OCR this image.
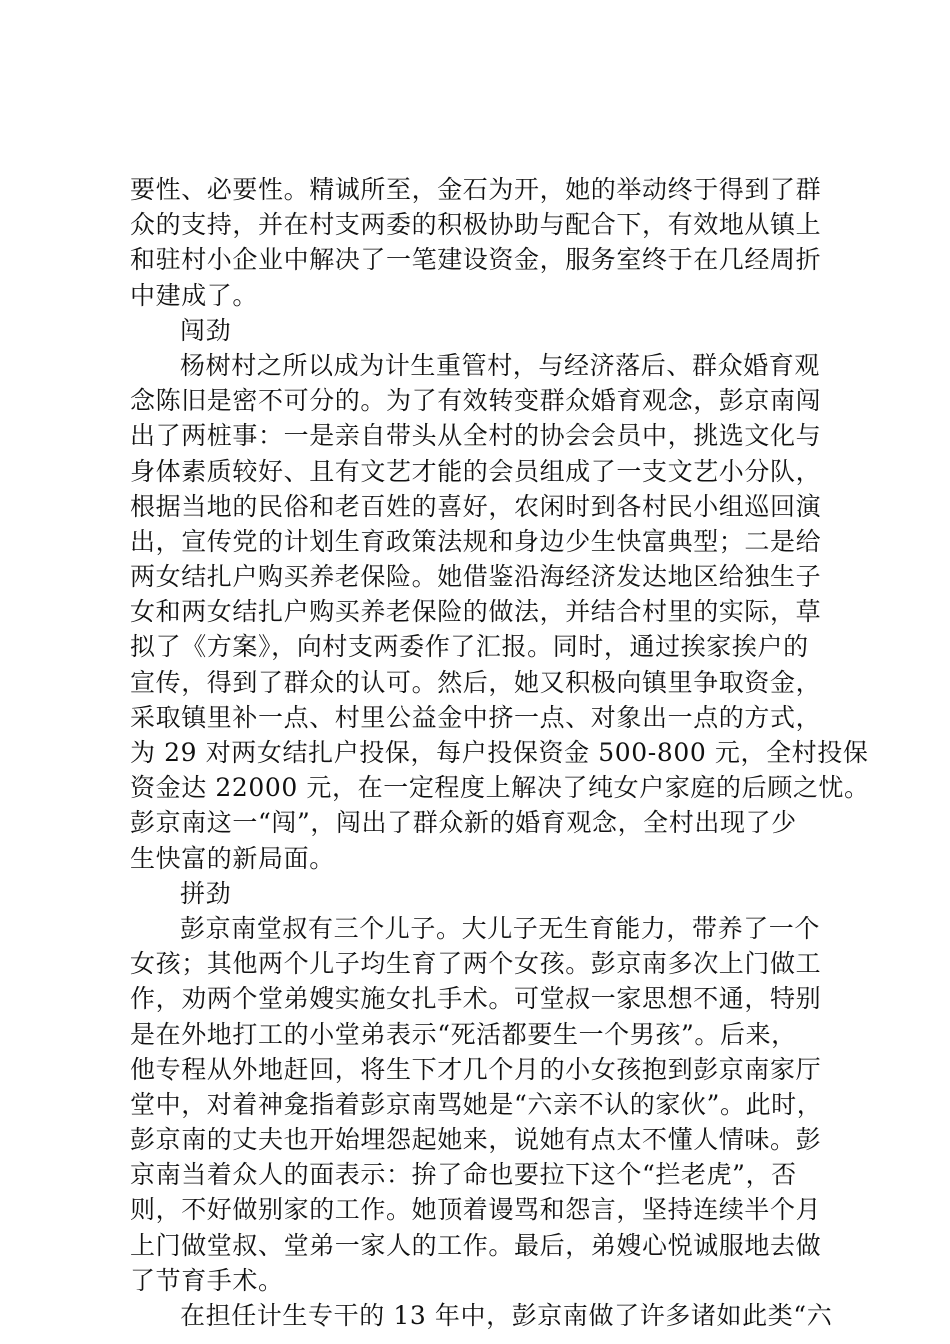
要性、必要性。精诚所至，金石为开，她的举动终于得到了群
众的支持，并在村支两委的积极协助与配合下，有效地从镇上
和驻村小企业中解决了一笔建设资金，服务室终于在几经周折
中建成了。
闯劲
杨树村之所以成为计生重管村，与经济落后、群众婚育观
念陈旧是密不可分的。为了有效转变群众婚育观念，彭京南闯
出了两桩事：一是亲自带头从全村的协会会员中，挑选文化与
身体素质较好、且有文艺才能的会员组成了一支文艺小分队，
根据当地的民俗和老百姓的喜好，农闲时到各村民小组巡回演
出，宣传党的计划生育政策法规和身边少生快富典型；二是给
两女结扎户购买养老保险。她借鉴沿海经济发达地区给独生子
女和两女结扎户购买养老保险的做法，并结合村里的实际，草
拟了《方案》，向村支两委作了汇报。同时，通过挨家挨户的
宣传，得到了群众的认可。然后，她又积极向镇里争取资金，
采取镇里补一点、村里公益金中挤一点、对象出一点的方式，
为 29 对两女结扎户投保，每户投保资金 500-800 元，全村投保
资金达 22000 元，在一定程度上解决了纯女户家庭的后顾之忧。
彭京南这一“闯”，闯出了群众新的婚育观念，全村出现了少
生快富的新局面。
拼劲
彭京南堂叔有三个儿子。大儿子无生育能力，带养了一个
女孩；其他两个儿子均生育了两个女孩。彭京南多次上门做工
作，劝两个堂弟嫂实施女扎手术。可堂叔一家思想不通，特别
是在外地打工的小堂弟表示“死活都要生一个男孩”。后来，
他专程从外地赶回，将生下才几个月的小女孩抱到彭京南家厅
堂中，对着神龛指着彭京南骂她是“六亲不认的家伙”。此时，
彭京南的丈夫也开始埋怨起她来，说她有点太不懂人情味。彭
京南当着众人的面表示：拚了命也要拉下这个“拦老虎”，否
则，不好做别家的工作。她顶着谩骂和怨言，坚持连续半个月
上门做堂叔、堂弟一家人的工作。最后，弟嫂心悦诚服地去做
了节育手术。
在担任计生专干的 13 年中，彭京南做了许多诸如此类“六
